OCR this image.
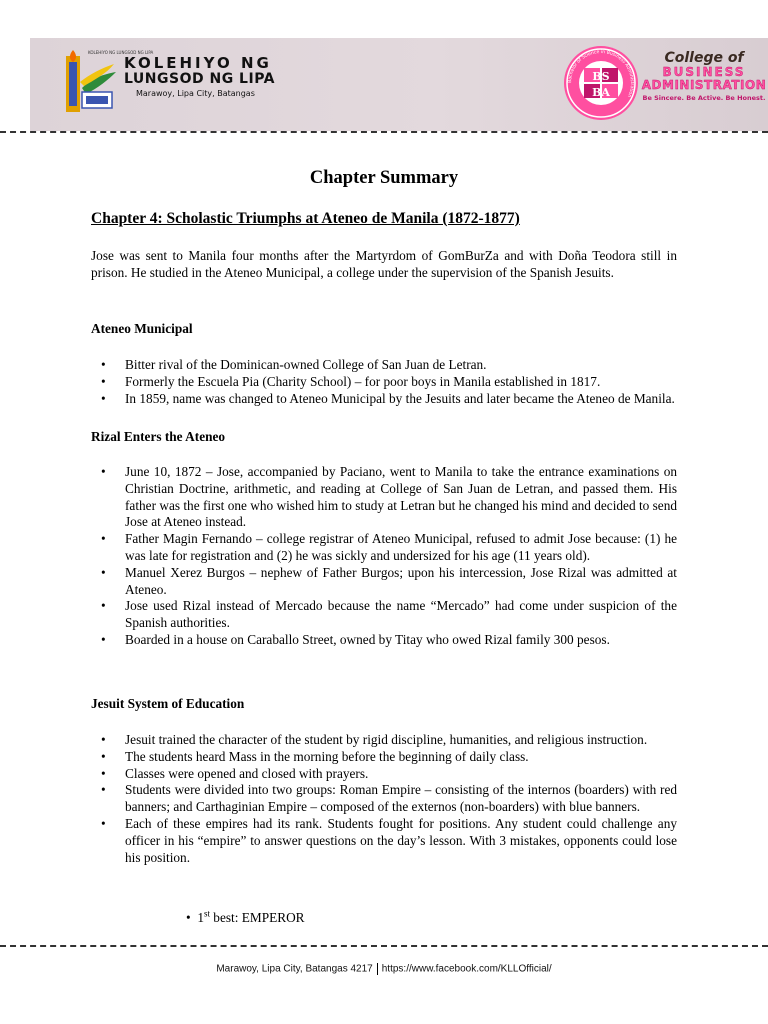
KOLEHIYO NG LUNGSOD NG LIPA
KOLEHIYO NG
LUNGSOD NG LIPA
Marawoy, Lipa City, Batangas
Bachelor of Science in Business Administration
BS
BA
College of
BUSINESS
ADMINISTRATION
Be Sincere. Be Active. Be Honest.
Chapter Summary
Chapter 4: Scholastic Triumphs at Ateneo de Manila (1872-1877)

Jose was sent to Manila four months after the Martyrdom of GomBurZa and with Doña Teodora still in prison. He studied in the Ateneo Municipal, a college under the supervision of the Spanish Jesuits.

Ateneo Municipal

• Bitter rival of the Dominican-owned College of San Juan de Letran.
• Formerly the Escuela Pia (Charity School) – for poor boys in Manila established in 1817.
• In 1859, name was changed to Ateneo Municipal by the Jesuits and later became the Ateneo de Manila.

Rizal Enters the Ateneo

• June 10, 1872 – Jose, accompanied by Paciano, went to Manila to take the entrance examinations on Christian Doctrine, arithmetic, and reading at College of San Juan de Letran, and passed them. His father was the first one who wished him to study at Letran but he changed his mind and decided to send Jose at Ateneo instead.
• Father Magin Fernando – college registrar of Ateneo Municipal, refused to admit Jose because: (1) he was late for registration and (2) he was sickly and undersized for his age (11 years old).
• Manuel Xerez Burgos – nephew of Father Burgos; upon his intercession, Jose Rizal was admitted at Ateneo.
• Jose used Rizal instead of Mercado because the name “Mercado” had come under suspicion of the Spanish authorities.
• Boarded in a house on Caraballo Street, owned by Titay who owed Rizal family 300 pesos.

Jesuit System of Education

• Jesuit trained the character of the student by rigid discipline, humanities, and religious instruction.
• The students heard Mass in the morning before the beginning of daily class.
• Classes were opened and closed with prayers.
• Students were divided into two groups: Roman Empire – consisting of the internos (boarders) with red banners; and Carthaginian Empire – composed of the externos (non-boarders) with blue banners.
• Each of these empires had its rank. Students fought for positions. Any student could challenge any officer in his “empire” to answer questions on the day’s lesson. With 3 mistakes, opponents could lose his position.
• 1st best: EMPEROR
Marawoy, Lipa City, Batangas 4217 https://www.facebook.com/KLLOfficial/
